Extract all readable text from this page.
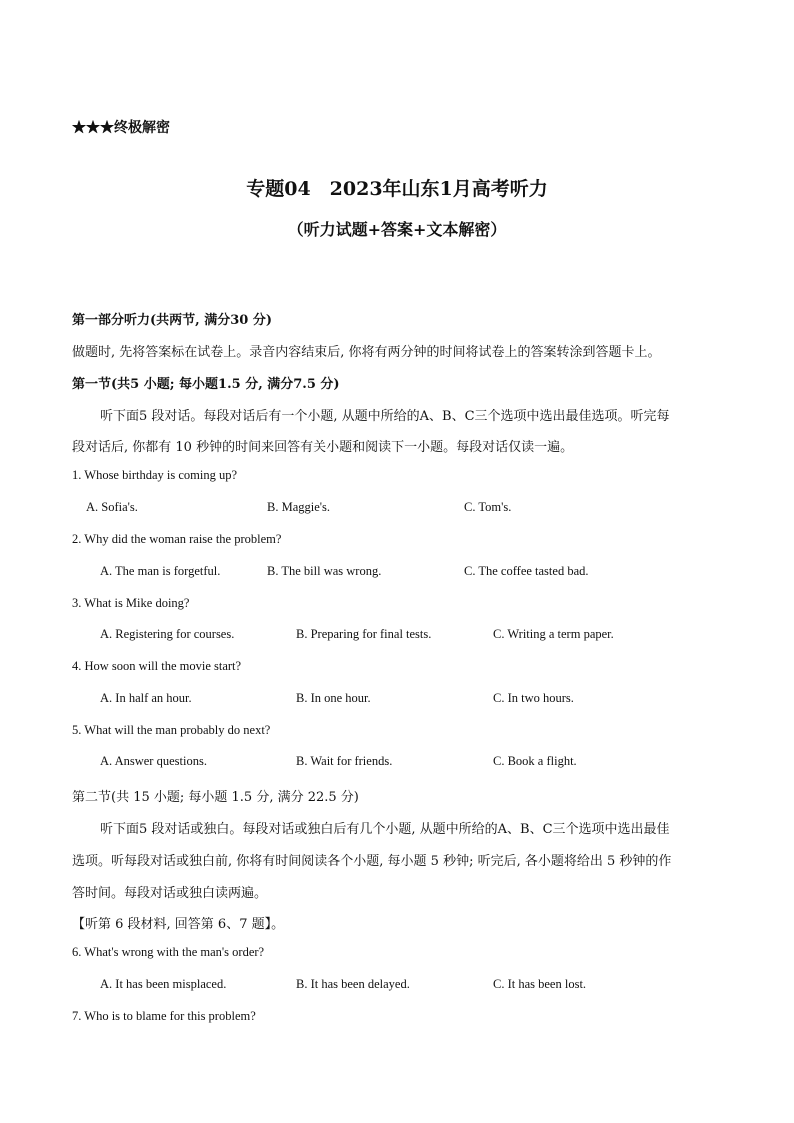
★★★终极解密
专题04　2023年山东1月高考听力
（听力试题+答案+文本解密）
第一部分听力(共两节, 满分30 分)
做题时, 先将答案标在试卷上。录音内容结束后, 你将有两分钟的时间将试卷上的答案转涂到答题卡上。
第一节(共5 小题; 每小题1.5 分, 满分7.5 分)
听下面5 段对话。每段对话后有一个小题, 从题中所给的A、B、C三个选项中选出最佳选项。听完每
段对话后, 你都有 10 秒钟的时间来回答有关小题和阅读下一小题。每段对话仅读一遍。
1. Whose birthday is coming up?
A. Sofia's.	B. Maggie's.	C. Tom's.
2. Why did the woman raise the problem?
A. The man is forgetful.	B. The bill was wrong.	C. The coffee tasted bad.
3. What is Mike doing?
A. Registering for courses.	B. Preparing for final tests.	C. Writing a term paper.
4. How soon will the movie start?
A. In half an hour.	B. In one hour.	C. In two hours.
5. What will the man probably do next?
A. Answer questions.	B. Wait for friends.	C. Book a flight.
第二节(共 15 小题; 每小题 1.5 分, 满分 22.5 分)
听下面5 段对话或独白。每段对话或独白后有几个小题, 从题中所给的A、B、C三个选项中选出最佳
选项。听每段对话或独白前, 你将有时间阅读各个小题, 每小题 5 秒钟; 听完后, 各小题将给出 5 秒钟的作
答时间。每段对话或独白读两遍。
【听第 6 段材料, 回答第 6、7 题】。
6. What's wrong with the man's order?
A. It has been misplaced.	B. It has been delayed.	C. It has been lost.
7. Who is to blame for this problem?
